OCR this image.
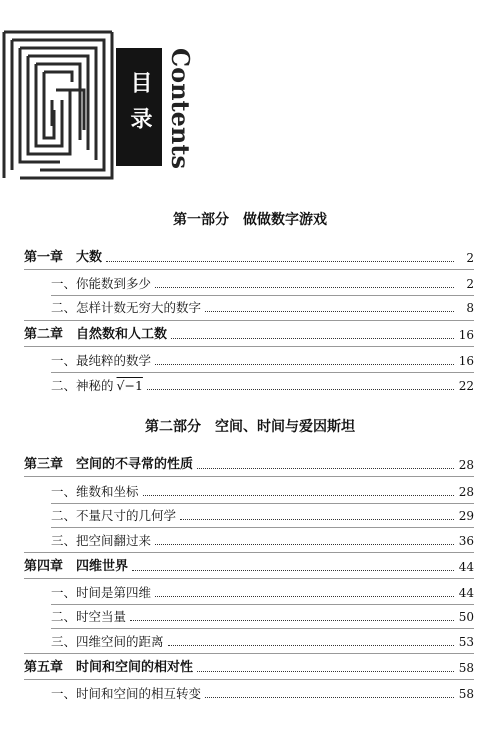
目录 Contents
第一部分　做做数字游戏
第一章　大数	2
一、你能数到多少	2
二、怎样计数无穷大的数字	8
第二章　自然数和人工数	16
一、最纯粹的数学	16
二、神秘的 √−1	22
第二部分　空间、时间与爱因斯坦
第三章　空间的不寻常的性质	28
一、维数和坐标	28
二、不量尺寸的几何学	29
三、把空间翻过来	36
第四章　四维世界	44
一、时间是第四维	44
二、时空当量	50
三、四维空间的距离	53
第五章　时间和空间的相对性	58
一、时间和空间的相互转变	58
